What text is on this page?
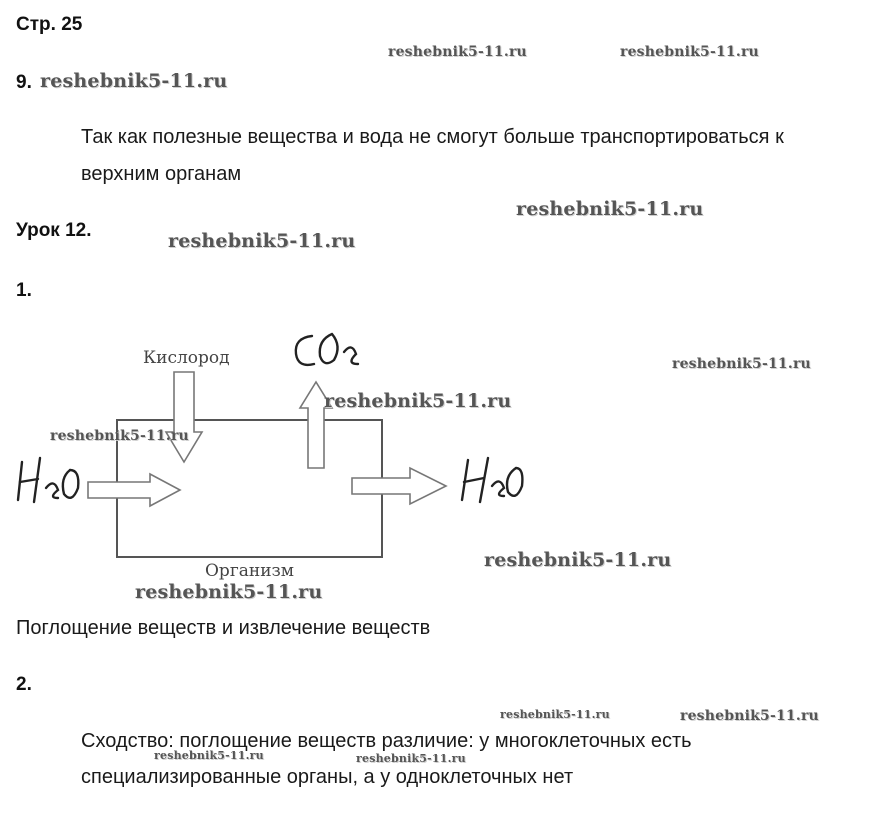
Стр. 25
9.
Так как полезные вещества и вода не смогут больше транспортироваться к
верхним органам
Урок 12.
1.
Кислород
Организм
Поглощение веществ и извлечение веществ
2.
Сходство: поглощение веществ различие: у многоклеточных есть
специализированные органы, а у одноклеточных нет
reshebnik5-11.ru	reshebnik5-11.ru
reshebnik5-11.ru
reshebnik5-11.ru
reshebnik5-11.ru
reshebnik5-11.ru
reshebnik5-11.ru
reshebnik5-11.ru
reshebnik5-11.ru
reshebnik5-11.ru
reshebnik5-11.ru	reshebnik5-11.ru
reshebnik5-11.ru	reshebnik5-11.ru
